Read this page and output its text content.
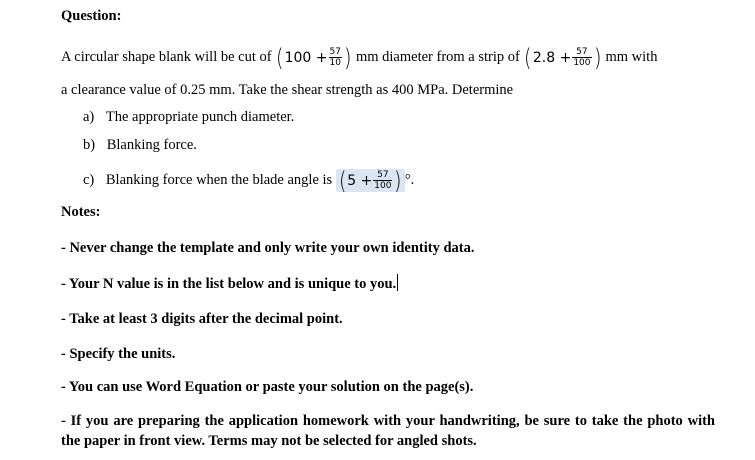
Question:
A circular shape blank will be cut of ($100 + \frac{57}{10}$ ) mm diameter from a strip of ($2.8 + \frac{57}{100}$ ) mm with
a clearance value of 0.25 mm. Take the shear strength as 400 MPa. Determine
a) The appropriate punch diameter.
b) Blanking force.
c) Blanking force when the blade angle is ($5 + \frac{57}{100}$ ) °.
Notes:
- Never change the template and only write your own identity data.
- Your N value is in the list below and is unique to you.
- Take at least 3 digits after the decimal point.
- Specify the units.
- You can use Word Equation or paste your solution on the page(s).
- If you are preparing the application homework with your handwriting, be sure to take the photo with the paper in front view. Terms may not be selected for angled shots.
